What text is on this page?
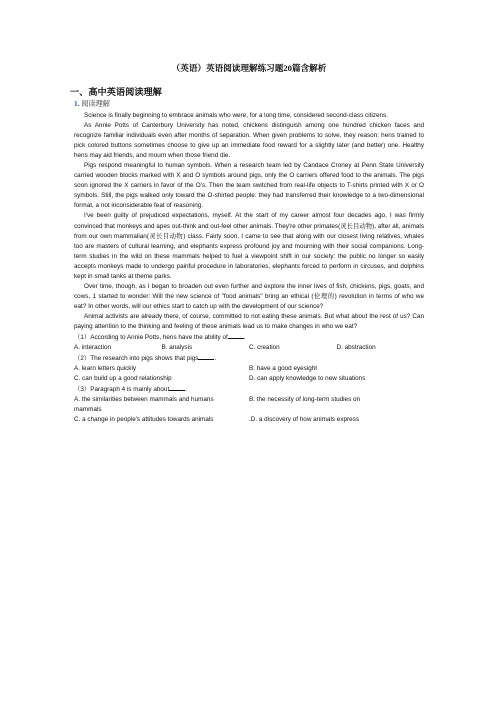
（英语）英语阅读理解练习题20篇含解析
一、高中英语阅读理解
1. 阅读理解

Science is finally beginning to embrace animals who were, for a long time, considered second-class citizens.

As Annie Potts of Canterbury University has noted, chickens distinguish among one hundred chicken faces and recognize familiar individuals even after months of separation. When given problems to solve, they reason: hens trained to pick colored buttons sometimes choose to give up an immediate food reward for a slightly later (and better) one. Healthy hens may aid friends, and mourn when those friend die.

Pigs respond meaningful to human symbols. When a research team led by Candace Croney at Penn State University carried wooden blocks marked with X and O symbols around pigs, only the O carriers offered food to the animals. The pigs soon ignored the X carriers in favor of the O's. Then the team switched from real-life objects to T-shirts printed with X or O symbols. Still, the pigs walked only toward the O-shirted people: they had transferred their knowledge to a two-dimensional format, a not inconsiderable feat of reasoning.

I've been guilty of prejudiced expectations, myself. At the start of my career almost four decades ago, I was firmly convinced that monkeys and apes out-think and out-feel other animals. They're other primates(灵长目动物), after all, animals from our own mammalian(灵长目动物) class. Fairly soon, I came to see that along with our closest living relatives, whales too are masters of cultural learning, and elephants express profound joy and mourning with their social companions. Long-term studies in the wild on these mammals helped to fuel a viewpoint shift in our society: the public no longer so easily accepts monkeys made to undergo painful procedure in laboratories, elephants forced to perform in circuses, and dolphins kept in small tanks at theme parks.

Over time, though, as I began to broaden out even further and explore the inner lives of fish, chickens, pigs, goats, and cows, 1 started to wonder: Will the new science of "food animals" bring an ethical (伦理的) revolution in terms of who we eat? In other words, will our ethics start to catch up with the development of our science?

Animal activists are already there, of course, committed to not eating these animals. But what about the rest of us? Can paying attention to the thinking and feeling of these animals lead us to make changes in who we eat?

（1）According to Annie Potts, hens have the ability of	.
A. interaction	B. analysis	C. creation	D. abstraction
（2）The research into pigs shows that pigs	.
A. learn letters quickly	B. have a good eyesight
C. can build up a good relationship	D. can apply knowledge to new situations
（3）Paragraph 4 is mainly about	.
A. the similarities between mammals and humans	B. the necessity of long-term studies on
mammals
C. a change in people's attitudes towards animals	.D. a discovery of how animals express
